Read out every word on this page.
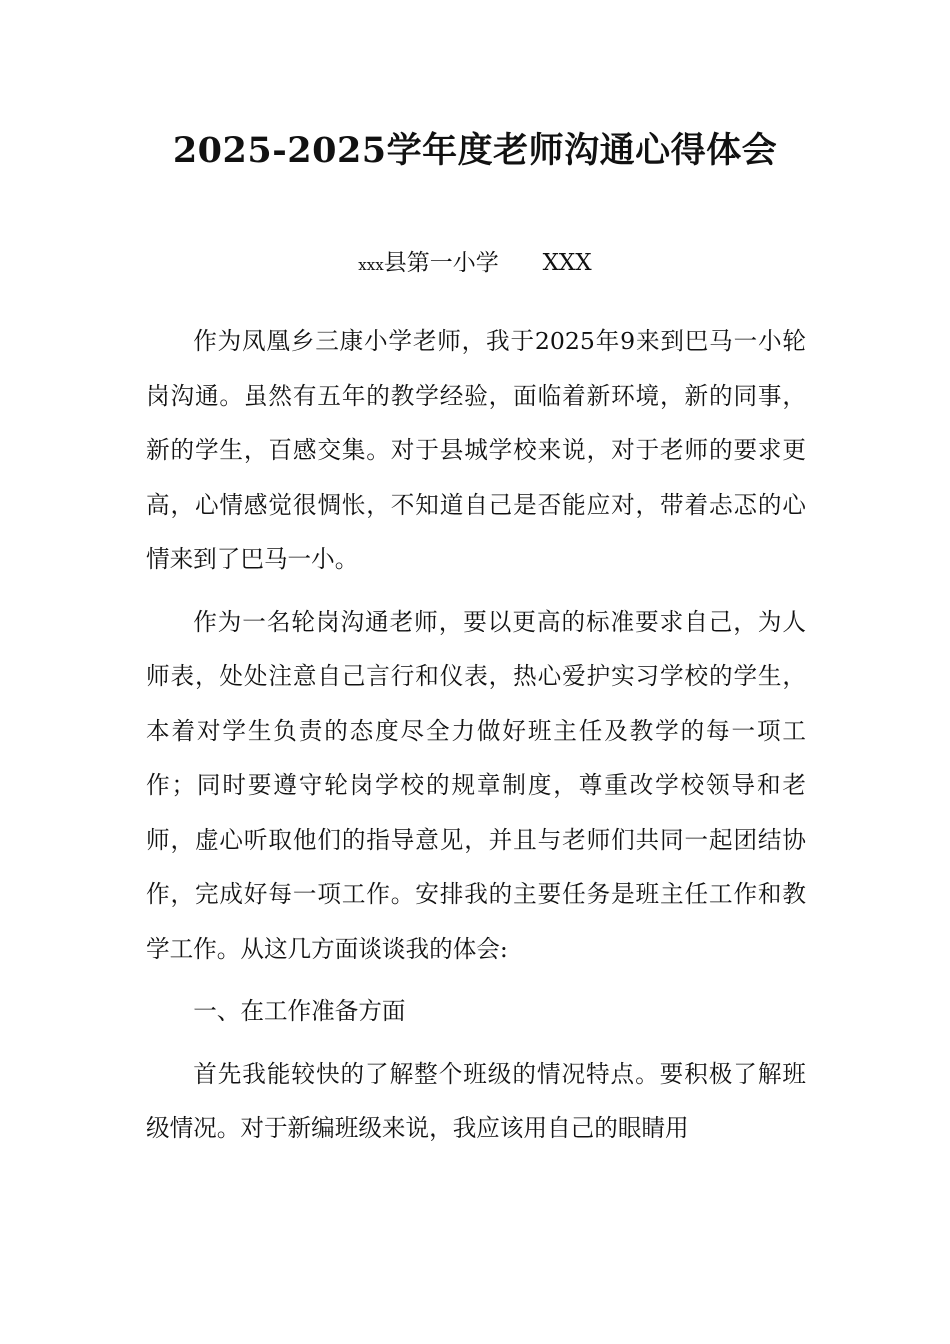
2025-2025学年度老师沟通心得体会
xxx县第一小学 XXX

作为凤凰乡三康小学老师，我于2025年9来到巴马一小轮岗沟通。虽然有五年的教学经验，面临着新环境，新的同事，新的学生，百感交集。对于县城学校来说，对于老师的要求更高，心情感觉很惆怅，不知道自己是否能应对，带着忐忑的心情来到了巴马一小。

作为一名轮岗沟通老师，要以更高的标准要求自己，为人师表，处处注意自己言行和仪表，热心爱护实习学校的学生，本着对学生负责的态度尽全力做好班主任及教学的每一项工作；同时要遵守轮岗学校的规章制度，尊重改学校领导和老师，虚心听取他们的指导意见，并且与老师们共同一起团结协作，完成好每一项工作。安排我的主要任务是班主任工作和教学工作。从这几方面谈谈我的体会:

一、在工作准备方面

首先我能较快的了解整个班级的情况特点。要积极了解班级情况。对于新编班级来说，我应该用自己的眼睛用
